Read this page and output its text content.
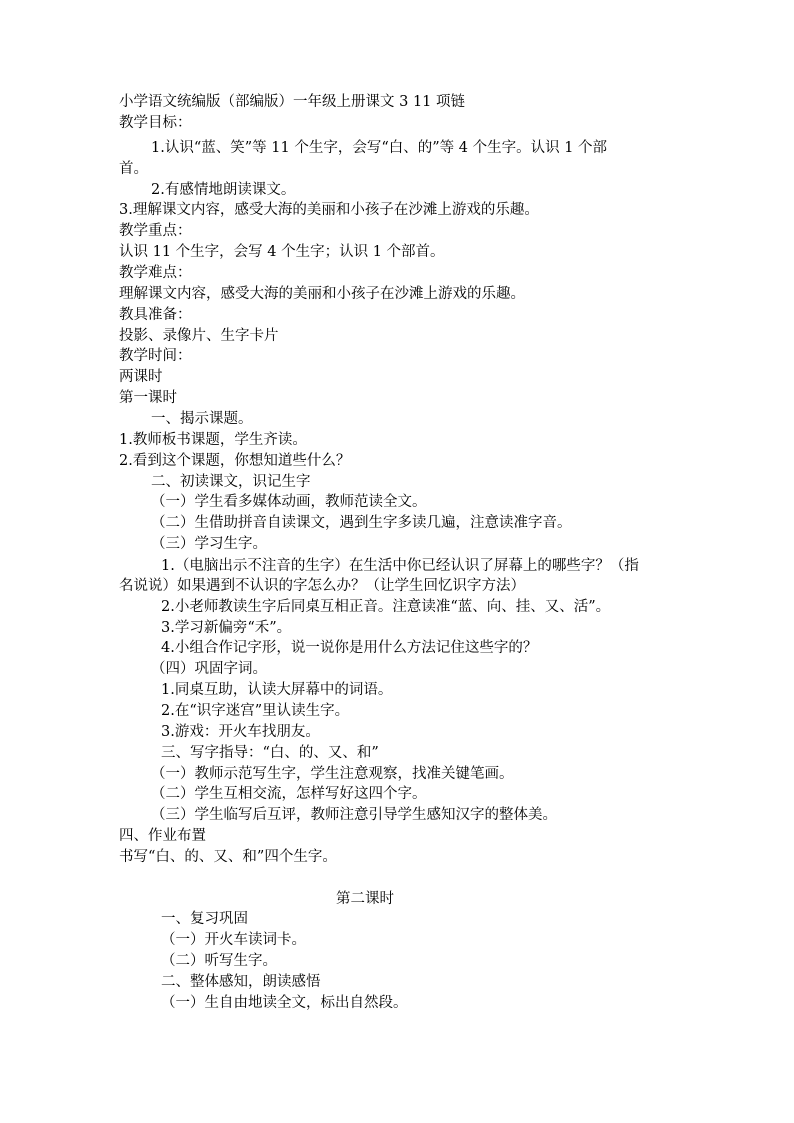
小学语文统编版（部编版）一年级上册课文 3 11 项链
教学目标：
1.认识“蓝、笑”等 11 个生字，会写“白、的”等 4 个生字。认识 1 个部
首。
2.有感情地朗读课文。
3.理解课文内容，感受大海的美丽和小孩子在沙滩上游戏的乐趣。
教学重点：
认识 11 个生字，会写 4 个生字；认识 1 个部首。
教学难点：
理解课文内容，感受大海的美丽和小孩子在沙滩上游戏的乐趣。
教具准备：
投影、录像片、生字卡片
教学时间：
两课时
第一课时
一、揭示课题。
1.教师板书课题，学生齐读。
2.看到这个课题，你想知道些什么？
二、初读课文，识记生字
（一）学生看多媒体动画，教师范读全文。
（二）生借助拼音自读课文，遇到生字多读几遍，注意读准字音。
（三）学习生字。
1.（电脑出示不注音的生字）在生活中你已经认识了屏幕上的哪些字？（指
名说说）如果遇到不认识的字怎么办？（让学生回忆识字方法）
2.小老师教读生字后同桌互相正音。注意读准“蓝、向、挂、又、活”。
3.学习新偏旁“禾”。
4.小组合作记字形，说一说你是用什么方法记住这些字的？
（四）巩固字词。
1.同桌互助，认读大屏幕中的词语。
2.在“识字迷宫”里认读生字。
3.游戏：开火车找朋友。
三、写字指导：“白、的、又、和”
（一）教师示范写生字，学生注意观察，找准关键笔画。
（二）学生互相交流，怎样写好这四个字。
（三）学生临写后互评，教师注意引导学生感知汉字的整体美。
四、作业布置
书写“白、的、又、和”四个生字。
第二课时
一、复习巩固
（一）开火车读词卡。
（二）听写生字。
二、整体感知，朗读感悟
（一）生自由地读全文，标出自然段。
